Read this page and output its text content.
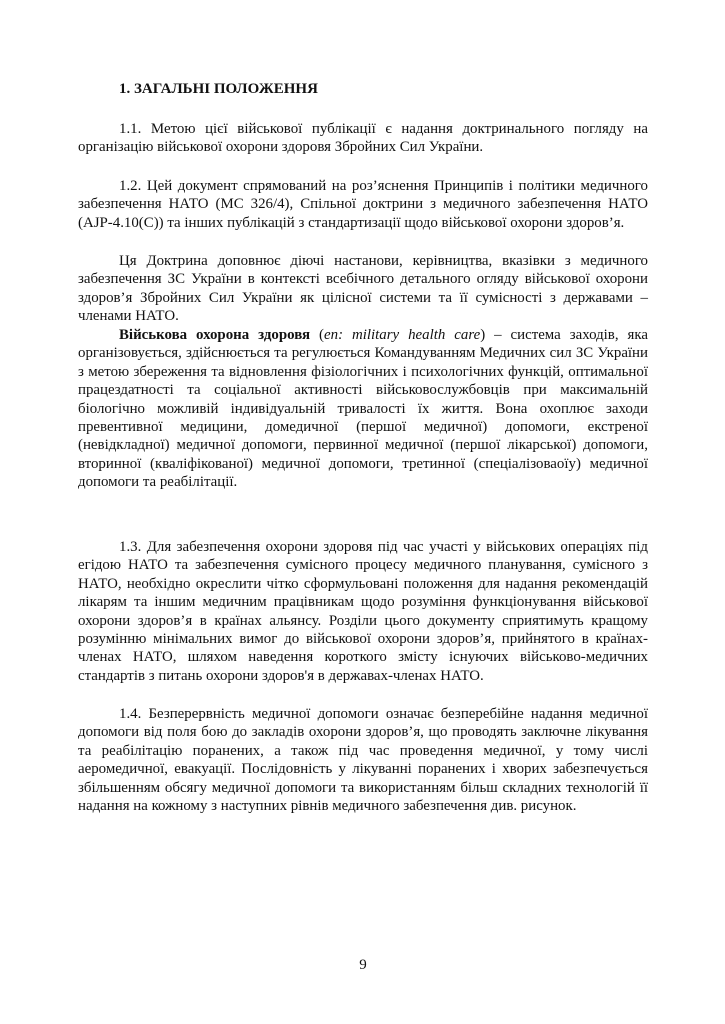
1. ЗАГАЛЬНІ ПОЛОЖЕННЯ

1.1. Метою цієї військової публікації є надання доктринального погляду на організацію військової охорони здоровя Збройних Сил України.

1.2. Цей документ спрямований на роз’яснення Принципів і політики медичного забезпечення НАТО (MC 326/4), Спільної доктрини з медичного забезпечення НАТО (AJP-4.10(C)) та інших публікацій з стандартизації щодо військової охорони здоров’я.

Ця Доктрина доповнює діючі настанови, керівництва, вказівки з медичного забезпечення ЗС України в контексті всебічного детального огляду військової охорони здоров’я Збройних Сил України як цілісної системи та її сумісності з державами – членами НАТО.

Військова охорона здоровя (en: military health care) – система заходів, яка організовується, здійснюється та регулюється Командуванням Медичних сил ЗС України з метою збереження та відновлення фізіологічних і психологічних функцій, оптимальної працездатності та соціальної активності військовослужбовців при максимальній біологічно можливій індивідуальній тривалості їх життя. Вона охоплює заходи превентивної медицини, домедичної (першої медичної) допомоги, екстреної (невідкладної) медичної допомоги, первинної медичної (першої лікарської) допомоги, вторинної (кваліфікованої) медичної допомоги, третинної (спеціалізоваоїу) медичної допомоги та реабілітації.

1.3. Для забезпечення охорони здоровя під час участі у військових операціях під егідою НАТО та забезпечення сумісного процесу медичного планування, сумісного з НАТО, необхідно окреслити чітко сформульовані положення для надання рекомендацій лікарям та іншим медичним працівникам щодо розуміння функціонування військової охорони здоров’я в країнах альянсу. Розділи цього документу сприятимуть кращому розумінню мінімальних вимог до військової охорони здоров’я, прийнятого в країнах-членах НАТО, шляхом наведення короткого змісту існуючих військово-медичних стандартів з питань охорони здоров'я в державах-членах НАТО.

1.4. Безперервність медичної допомоги означає безперебійне надання медичної допомоги від поля бою до закладів охорони здоров’я, що проводять заключне лікування та реабілітацію поранених, а також під час проведення медичної, у тому числі аеромедичної, евакуації. Послідовність у лікуванні поранених і хворих забезпечується збільшенням обсягу медичної допомоги та використанням більш складних технологій її надання на кожному з наступних рівнів медичного забезпечення див. рисунок.

9
